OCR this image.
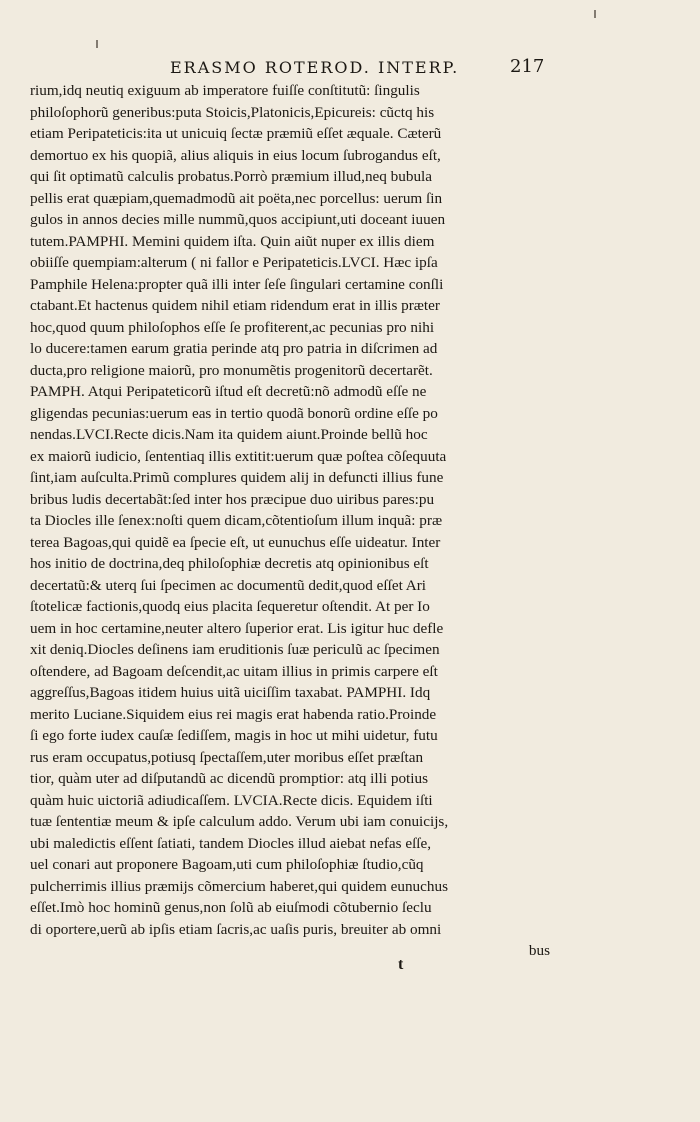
ERASMO ROTEROD. INTERP.	217
rium,idq neutiq exiguum ab imperatore fuiſſe conſtitutũ: ſingulis
philoſophorũ generibus:puta Stoicis,Platonicis,Epicureis: cũctq his
etiam Peripateticis:ita ut unicuiq ſectæ præmiũ eſſet æquale. Cæterũ
demortuo ex his quopiã, alius aliquis in eius locum ſubrogandus eſt,
qui ſit optimatũ calculis probatus.Porrò præmium illud,neq bubula
pellis erat quæpiam,quemadmodũ ait poëta,nec porcellus: uerum ſin
gulos in annos decies mille nummũ,quos accipiunt,uti doceant iuuen
tutem.PAMPHI. Memini quidem iſta. Quin aiũt nuper ex illis diem
obiiſſe quempiam:alterum ( ni fallor e Peripateticis.LVCI. Hæc ipſa
Pamphile Helena:propter quã illi inter ſeſe ſingulari certamine conſli
ctabant.Et hactenus quidem nihil etiam ridendum erat in illis præter
hoc,quod quum philoſophos eſſe ſe profiterent,ac pecunias pro nihi
lo ducere:tamen earum gratia perinde atq pro patria in diſcrimen ad
ducta,pro religione maiorũ, pro monumẽtis progenitorũ decertarẽt.
PAMPH. Atqui Peripateticorũ iſtud eſt decretũ:nõ admodũ eſſe ne
gligendas pecunias:uerum eas in tertio quodã bonorũ ordine eſſe po
nendas.LVCI.Recte dicis.Nam ita quidem aiunt.Proinde bellũ hoc
ex maiorũ iudicio, ſententiaq illis extitit:uerum quæ poſtea cõſequuta
ſint,iam auſculta.Primũ complures quidem alij in defuncti illius fune
bribus ludis decertabãt:ſed inter hos præcipue duo uiribus pares:pu
ta Diocles ille ſenex:noſti quem dicam,cõtentioſum illum inquã: præ
terea Bagoas,qui quidẽ ea ſpecie eſt, ut eunuchus eſſe uideatur. Inter
hos initio de doctrina,deq philoſophiæ decretis atq opinionibus eſt
decertatũ:& uterq ſui ſpecimen ac documentũ dedit,quod eſſet Ari
ſtotelicæ factionis,quodq eius placita ſequeretur oſtendit. At per Io
uem in hoc certamine,neuter altero ſuperior erat. Lis igitur huc defle
xit deniq.Diocles deſinens iam eruditionis ſuæ periculũ ac ſpecimen
oſtendere, ad Bagoam deſcendit,ac uitam illius in primis carpere eſt
aggreſſus,Bagoas itidem huius uitã uiciſſim taxabat. PAMPHI. Idq
merito Luciane.Siquidem eius rei magis erat habenda ratio.Proinde
ſi ego forte iudex cauſæ ſediſſem, magis in hoc ut mihi uidetur, futu
rus eram occupatus,potiusq ſpectaſſem,uter moribus eſſet præſtan
tior, quàm uter ad diſputandũ ac dicendũ promptior: atq illi potius
quàm huic uictoriã adiudicaſſem. LVCIA.Recte dicis. Equidem iſti
tuæ ſententiæ meum & ipſe calculum addo. Verum ubi iam conuicijs,
ubi maledictis eſſent ſatiati, tandem Diocles illud aiebat nefas eſſe,
uel conari aut proponere Bagoam,uti cum philoſophiæ ſtudio,cũq
pulcherrimis illius præmijs cõmercium haberet,qui quidem eunuchus
eſſet.Imò hoc hominũ genus,non ſolũ ab eiuſmodi cõtubernio ſeclu
di oportere,uerũ ab ipſis etiam ſacris,ac uaſis puris, breuiter ab omni
bus
t
